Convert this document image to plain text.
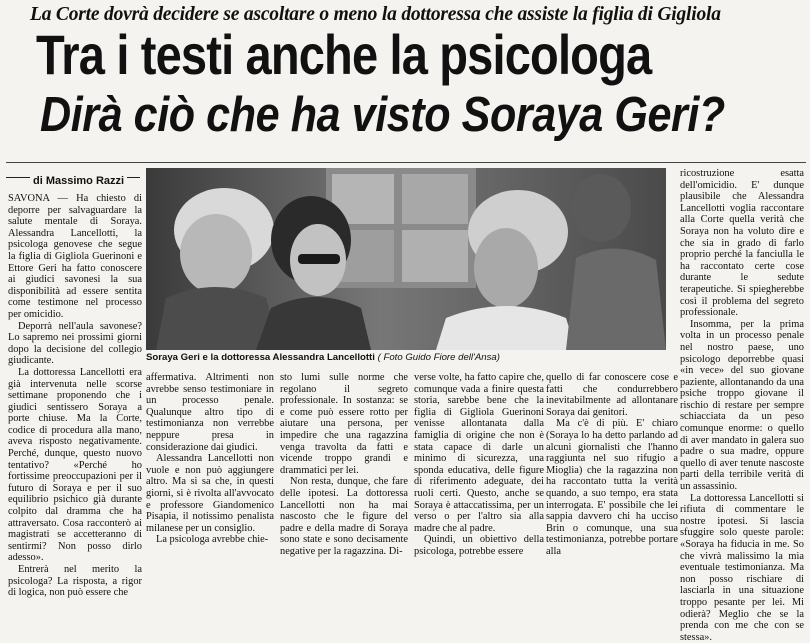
La Corte dovrà decidere se ascoltare o meno la dottoressa che assiste la figlia di Gigliola
Tra i testi anche la psicologa
Dirà ciò che ha visto Soraya Geri?
di Massimo Razzi
Soraya Geri e la dottoressa Alessandra Lancellotti ( Foto Guido Fiore dell'Ansa)

SAVONA — Ha chiesto di deporre per salvaguardare la salute mentale di Soraya. Alessandra Lancellotti, la psicologa genovese che segue la figlia di Gigliola Guerinoni e Ettore Geri ha fatto conoscere ai giudici savonesi la sua disponibilità ad essere sentita come testimone nel processo per omicidio.

Deporrà nell'aula savonese? Lo sapremo nei prossimi giorni dopo la decisione del collegio giudicante.

La dottoressa Lancellotti era già intervenuta nelle scorse settimane proponendo che i giudici sentissero Soraya a porte chiuse. Ma la Corte, codice di procedura alla mano, aveva risposto negativamente. Perché, dunque, questo nuovo tentativo? «Perché ho fortissime preoccupazioni per il futuro di Soraya e per il suo equilibrio psichico già durante colpito dal dramma che ha attraversato. Cosa racconterò ai magistrati se accetteranno di sentirmi? Non posso dirlo adesso».

Entrerà nel merito la psicologa? La risposta, a rigor di logica, non può essere che

affermativa. Altrimenti non avrebbe senso testimoniare in un processo penale. Qualunque altro tipo di testimonianza non verrebbe neppure presa in considerazione dai giudici.

Alessandra Lancellotti non vuole e non può aggiungere altro. Ma si sa che, in questi giorni, si è rivolta all'avvocato e professore Giandomenico Pisapia, il notissimo penalista milanese per un consiglio.

La psicologa avrebbe chie-

sto lumi sulle norme che regolano il segreto professionale. In sostanza: se e come può essere rotto per aiutare una persona, per impedire che una ragazzina venga travolta da fatti e vicende troppo grandi e drammatici per lei.

Non resta, dunque, che fare delle ipotesi. La dottoressa Lancellotti non ha mai nascosto che le figure del padre e della madre di Soraya sono state e sono decisamente negative per la ragazzina. Di-

verse volte, ha fatto capire che, comunque vada a finire questa storia, sarebbe bene che la figlia di Gigliola Guerinoni venisse allontanata dalla famiglia di origine che non è stata capace di darle un minimo di sicurezza, una sponda educativa, delle figure di riferimento adeguate, dei ruoli certi. Questo, anche se Soraya è attaccatissima, per un verso o per l'altro sia alla madre che al padre.

Quindi, un obiettivo della psicologa, potrebbe essere

quello di far conoscere cose e fatti che condurrebbero inevitabilmente ad allontanare Soraya dai genitori.

Ma c'è di più. E' chiaro (Soraya lo ha detto parlando ad alcuni giornalisti che l'hanno raggiunta nel suo rifugio a Mioglia) che la ragazzina non ha raccontato tutta la verità quando, a suo tempo, era stata interrogata. E' possibile che lei sappia davvero chi ha ucciso Brin o comunque, una sua testimonianza, potrebbe portare alla

ricostruzione esatta dell'omicidio. E' dunque plausibile che Alessandra Lancellotti voglia raccontare alla Corte quella verità che Soraya non ha voluto dire e che sia in grado di farlo proprio perché la fanciulla le ha raccontato certe cose durante le sedute terapeutiche. Si spiegherebbe così il problema del segreto professionale.

Insomma, per la prima volta in un processo penale nel nostro paese, uno psicologo deporrebbe quasi «in vece» del suo giovane paziente, allontanando da una psiche troppo giovane il rischio di restare per sempre schiacciata da un peso comunque enorme: o quello di aver mandato in galera suo padre o sua madre, oppure quello di aver tenute nascoste parti della terribile verità di un assassinio.

La dottoressa Lancellotti si rifiuta di commentare le nostre ipotesi. Si lascia sfuggire solo queste parole: «Soraya ha fiducia in me. So che vivrà malissimo la mia eventuale testimonianza. Ma non posso rischiare di lasciarla in una situazione troppo pesante per lei. Mi odierà? Meglio che se la prenda con me che con se stessa».
